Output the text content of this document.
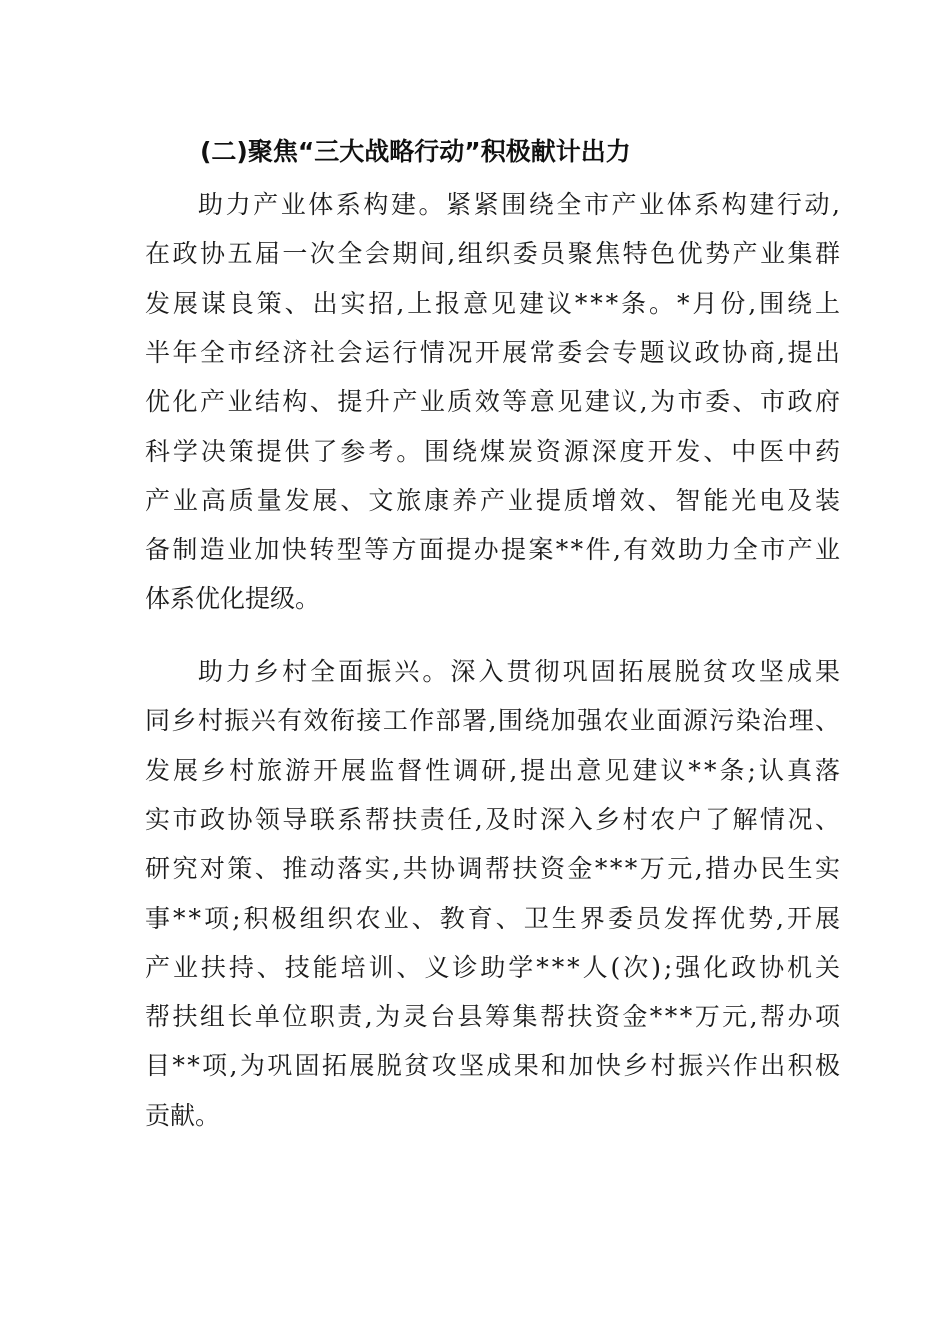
(二)聚焦“三大战略行动”积极献计出力

助力产业体系构建。紧紧围绕全市产业体系构建行动,

在政协五届一次全会期间,组织委员聚焦特色优势产业集群

发展谋良策、出实招,上报意见建议***条。*月份,围绕上

半年全市经济社会运行情况开展常委会专题议政协商,提出

优化产业结构、提升产业质效等意见建议,为市委、市政府

科学决策提供了参考。围绕煤炭资源深度开发、中医中药

产业高质量发展、文旅康养产业提质增效、智能光电及装

备制造业加快转型等方面提办提案**件,有效助力全市产业

体系优化提级。

助力乡村全面振兴。深入贯彻巩固拓展脱贫攻坚成果

同乡村振兴有效衔接工作部署,围绕加强农业面源污染治理、

发展乡村旅游开展监督性调研,提出意见建议**条;认真落

实市政协领导联系帮扶责任,及时深入乡村农户了解情况、

研究对策、推动落实,共协调帮扶资金***万元,措办民生实

事**项;积极组织农业、教育、卫生界委员发挥优势,开展

产业扶持、技能培训、义诊助学***人(次);强化政协机关

帮扶组长单位职责,为灵台县筹集帮扶资金***万元,帮办项

目**项,为巩固拓展脱贫攻坚成果和加快乡村振兴作出积极

贡献。
